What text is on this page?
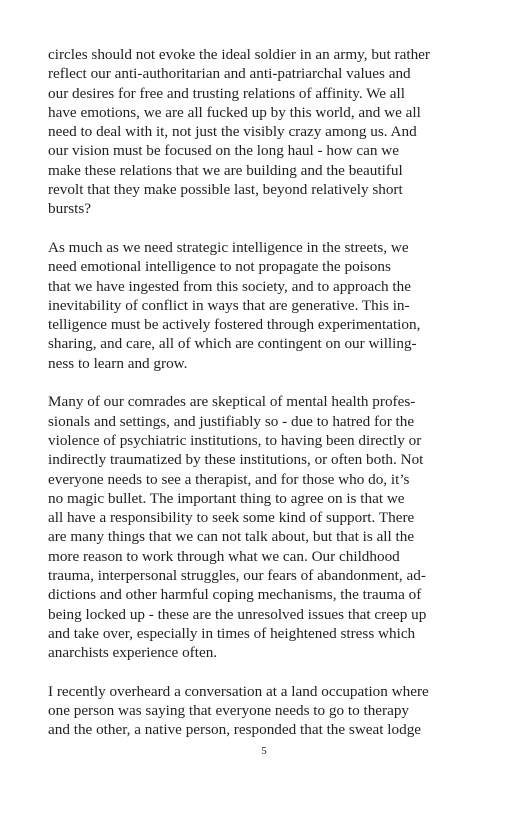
circles should not evoke the ideal soldier in an army, but rather
reflect our anti-authoritarian and anti-patriarchal values and
our desires for free and trusting relations of affinity. We all
have emotions, we are all fucked up by this world, and we all
need to deal with it, not just the visibly crazy among us. And
our vision must be focused on the long haul - how can we
make these relations that we are building and the beautiful
revolt that they make possible last, beyond relatively short
bursts?

As much as we need strategic intelligence in the streets, we
need emotional intelligence to not propagate the poisons
that we have ingested from this society, and to approach the
inevitability of conflict in ways that are generative. This in-
telligence must be actively fostered through experimentation,
sharing, and care, all of which are contingent on our willing-
ness to learn and grow.

Many of our comrades are skeptical of mental health profes-
sionals and settings, and justifiably so - due to hatred for the
violence of psychiatric institutions, to having been directly or
indirectly traumatized by these institutions, or often both. Not
everyone needs to see a therapist, and for those who do, it’s
no magic bullet. The important thing to agree on is that we
all have a responsibility to seek some kind of support. There
are many things that we can not talk about, but that is all the
more reason to work through what we can. Our childhood
trauma, interpersonal struggles, our fears of abandonment, ad-
dictions and other harmful coping mechanisms, the trauma of
being locked up - these are the unresolved issues that creep up
and take over, especially in times of heightened stress which
anarchists experience often.

I recently overheard a conversation at a land occupation where
one person was saying that everyone needs to go to therapy
and the other, a native person, responded that the sweat lodge

5
